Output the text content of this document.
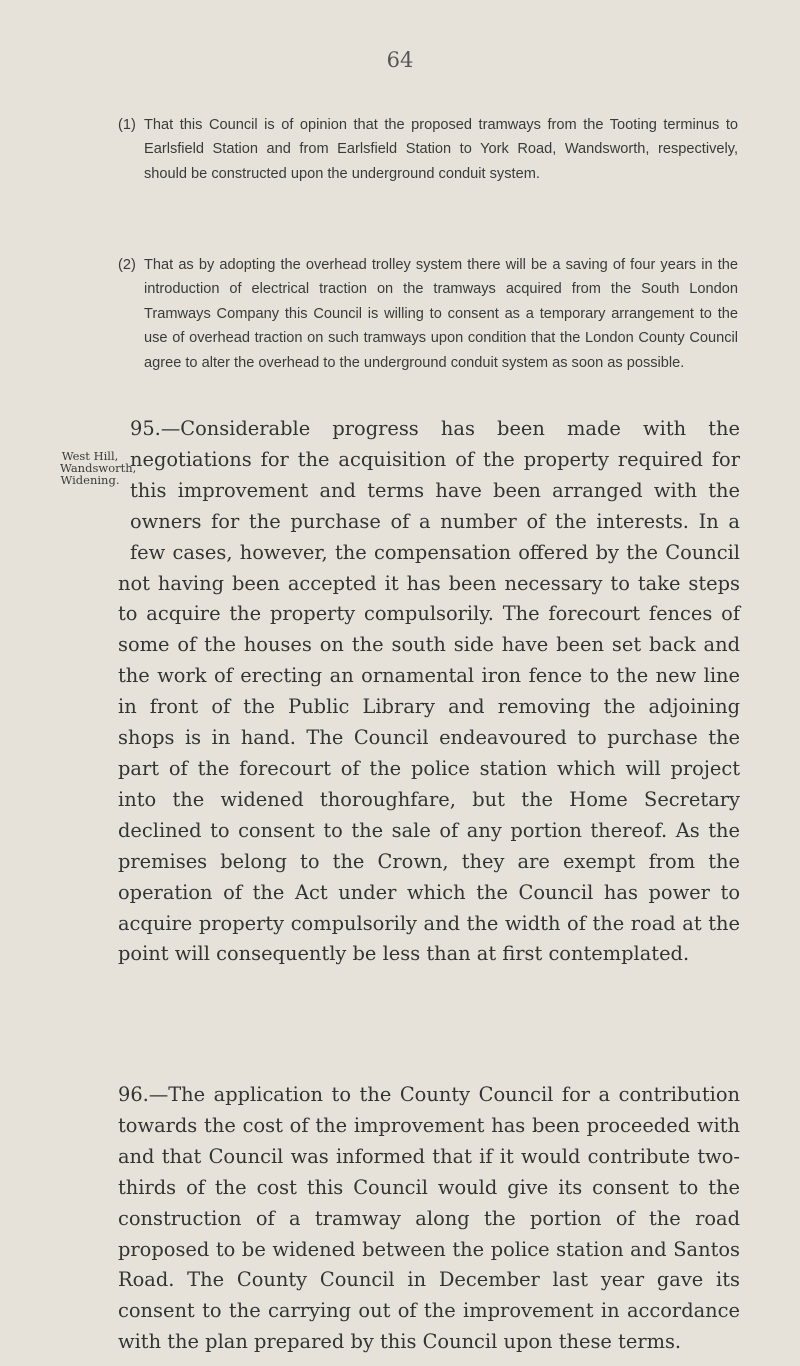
64
(1) That this Council is of opinion that the proposed tramways from the Tooting terminus to Earlsfield Station and from Earlsfield Station to York Road, Wandsworth, respectively, should be constructed upon the underground conduit system.
(2) That as by adopting the overhead trolley system there will be a saving of four years in the introduction of electrical traction on the tramways acquired from the South London Tramways Company this Council is willing to consent as a temporary arrangement to the use of overhead traction on such tramways upon condition that the London County Council agree to alter the overhead to the underground conduit system as soon as possible.
West Hill,
Wandsworth,
Widening.
95.—Considerable progress has been made with the negotiations for the acquisition of the property required for this improvement and terms have been arranged with the owners for the purchase of a number of the interests. In a few cases, however, the compensation offered by the Council not having been accepted it has been necessary to take steps to acquire the property compulsorily. The forecourt fences of some of the houses on the south side have been set back and the work of erecting an ornamental iron fence to the new line in front of the Public Library and removing the adjoining shops is in hand. The Council endeavoured to purchase the part of the forecourt of the police station which will project into the widened thoroughfare, but the Home Secretary declined to consent to the sale of any portion thereof. As the premises belong to the Crown, they are exempt from the operation of the Act under which the Council has power to acquire property compulsorily and the width of the road at the point will consequently be less than at first contemplated.
96.—The application to the County Council for a contribution towards the cost of the improvement has been proceeded with and that Council was informed that if it would contribute two-thirds of the cost this Council would give its consent to the construction of a tramway along the portion of the road proposed to be widened between the police station and Santos Road. The County Council in December last year gave its consent to the carrying out of the improvement in accordance with the plan prepared by this Council upon these terms.
